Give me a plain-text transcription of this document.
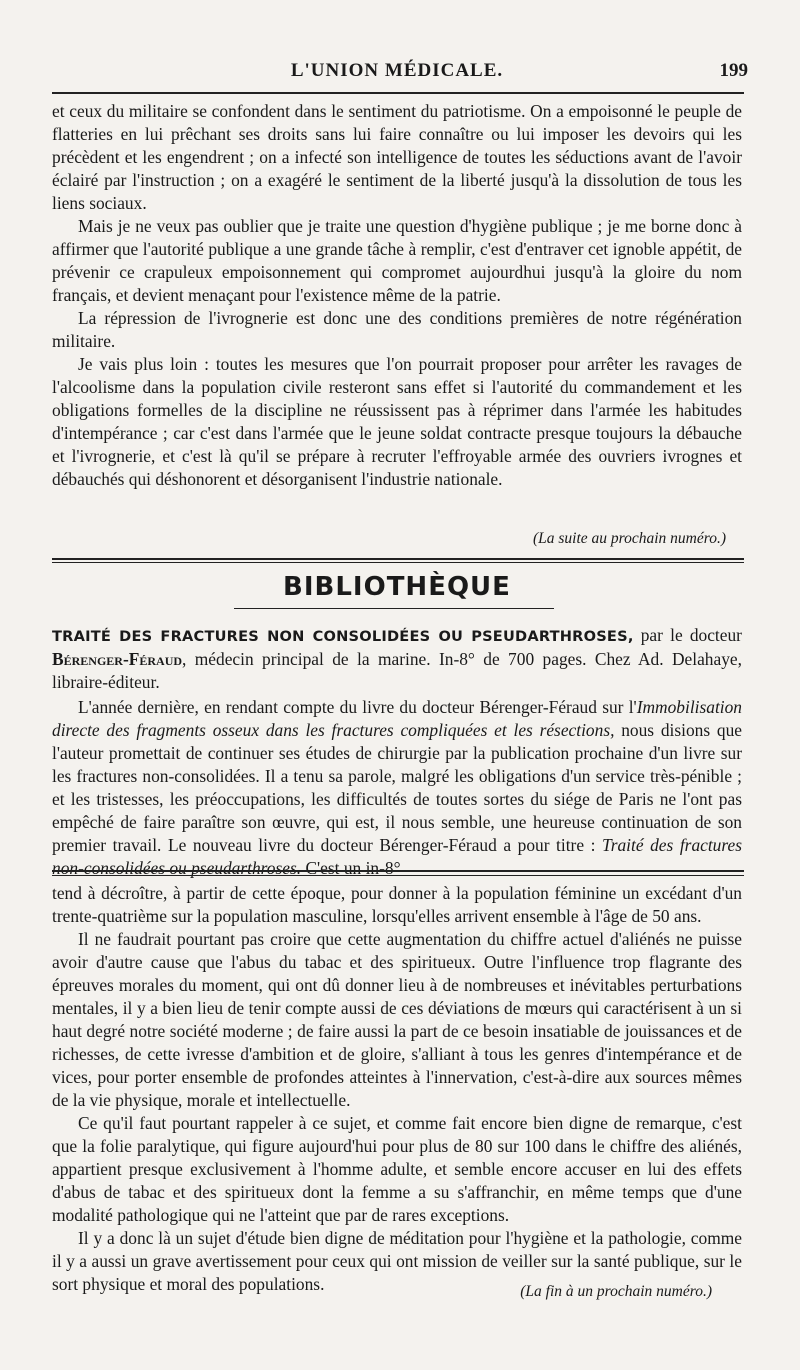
L'UNION MÉDICALE.	199

et ceux du militaire se confondent dans le sentiment du patriotisme. On a empoisonné le peuple de flatteries en lui prêchant ses droits sans lui faire connaître ou lui imposer les devoirs qui les précèdent et les engendrent ; on a infecté son intelligence de toutes les séductions avant de l'avoir éclairé par l'instruction ; on a exagéré le sentiment de la liberté jusqu'à la dissolution de tous les liens sociaux.

Mais je ne veux pas oublier que je traite une question d'hygiène publique ; je me borne donc à affirmer que l'autorité publique a une grande tâche à remplir, c'est d'entraver cet ignoble appétit, de prévenir ce crapuleux empoisonnement qui compromet aujourdhui jusqu'à la gloire du nom français, et devient menaçant pour l'existence même de la patrie.

La répression de l'ivrognerie est donc une des conditions premières de notre régénération militaire.

Je vais plus loin : toutes les mesures que l'on pourrait proposer pour arrêter les ravages de l'alcoolisme dans la population civile resteront sans effet si l'autorité du commandement et les obligations formelles de la discipline ne réussissent pas à réprimer dans l'armée les habitudes d'intempérance ; car c'est dans l'armée que le jeune soldat contracte presque toujours la débauche et l'ivrognerie, et c'est là qu'il se prépare à recruter l'effroyable armée des ouvriers ivrognes et débauchés qui déshonorent et désorganisent l'industrie nationale.

(La suite au prochain numéro.)
BIBLIOTHÈQUE

TRAITÉ DES FRACTURES NON CONSOLIDÉES OU PSEUDARTHROSES, par le docteur Bérenger-Féraud, médecin principal de la marine. In-8° de 700 pages. Chez Ad. Delahaye, libraire-éditeur.

L'année dernière, en rendant compte du livre du docteur Bérenger-Féraud sur l'Immobilisation directe des fragments osseux dans les fractures compliquées et les résections, nous disions que l'auteur promettait de continuer ses études de chirurgie par la publication prochaine d'un livre sur les fractures non-consolidées. Il a tenu sa parole, malgré les obligations d'un service très-pénible ; et les tristesses, les préoccupations, les difficultés de toutes sortes du siége de Paris ne l'ont pas empêché de faire paraître son œuvre, qui est, il nous semble, une heureuse continuation de son premier travail. Le nouveau livre du docteur Bérenger-Féraud a pour titre : Traité des fractures non-consolidées ou pseudarthroses. C'est un in-8°

tend à décroître, à partir de cette époque, pour donner à la population féminine un excédant d'un trente-quatrième sur la population masculine, lorsqu'elles arrivent ensemble à l'âge de 50 ans.

Il ne faudrait pourtant pas croire que cette augmentation du chiffre actuel d'aliénés ne puisse avoir d'autre cause que l'abus du tabac et des spiritueux. Outre l'influence trop flagrante des épreuves morales du moment, qui ont dû donner lieu à de nombreuses et inévitables perturbations mentales, il y a bien lieu de tenir compte aussi de ces déviations de mœurs qui caractérisent à un si haut degré notre société moderne ; de faire aussi la part de ce besoin insatiable de jouissances et de richesses, de cette ivresse d'ambition et de gloire, s'alliant à tous les genres d'intempérance et de vices, pour porter ensemble de profondes atteintes à l'innervation, c'est-à-dire aux sources mêmes de la vie physique, morale et intellectuelle.

Ce qu'il faut pourtant rappeler à ce sujet, et comme fait encore bien digne de remarque, c'est que la folie paralytique, qui figure aujourd'hui pour plus de 80 sur 100 dans le chiffre des aliénés, appartient presque exclusivement à l'homme adulte, et semble encore accuser en lui des effets d'abus de tabac et des spiritueux dont la femme a su s'affranchir, en même temps que d'une modalité pathologique qui ne l'atteint que par de rares exceptions.

Il y a donc là un sujet d'étude bien digne de méditation pour l'hygiène et la pathologie, comme il y a aussi un grave avertissement pour ceux qui ont mission de veiller sur la santé publique, sur le sort physique et moral des populations.	(La fin à un prochain numéro.)
